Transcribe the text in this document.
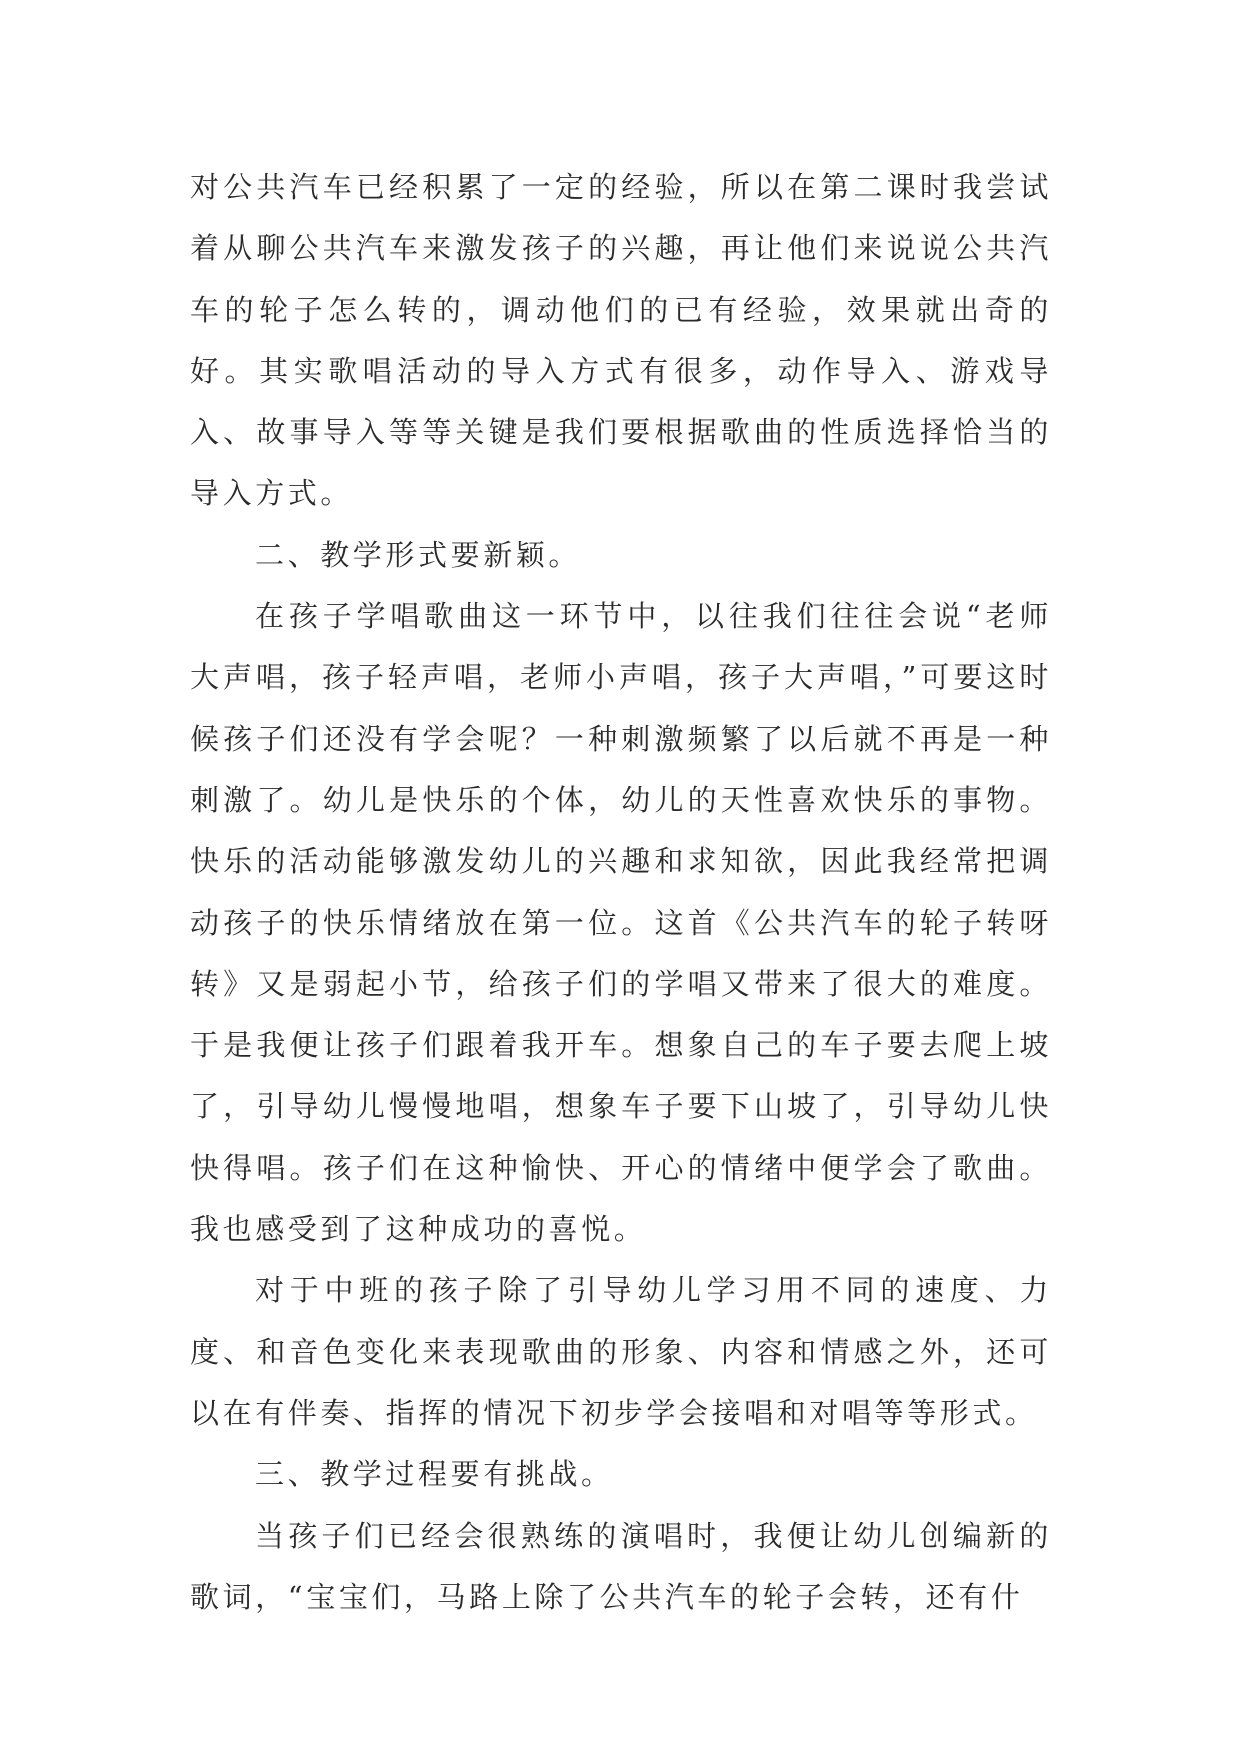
对公共汽车已经积累了一定的经验，所以在第二课时我尝试着从聊公共汽车来激发孩子的兴趣，再让他们来说说公共汽车的轮子怎么转的，调动他们的已有经验，效果就出奇的好。其实歌唱活动的导入方式有很多，动作导入、游戏导入、故事导入等等关键是我们要根据歌曲的性质选择恰当的导入方式。

二、教学形式要新颖。

在孩子学唱歌曲这一环节中，以往我们往往会说“老师大声唱，孩子轻声唱，老师小声唱，孩子大声唱，”可要这时候孩子们还没有学会呢？一种刺激频繁了以后就不再是一种刺激了。幼儿是快乐的个体，幼儿的天性喜欢快乐的事物。快乐的活动能够激发幼儿的兴趣和求知欲，因此我经常把调动孩子的快乐情绪放在第一位。这首《公共汽车的轮子转呀转》又是弱起小节，给孩子们的学唱又带来了很大的难度。于是我便让孩子们跟着我开车。想象自己的车子要去爬上坡了，引导幼儿慢慢地唱，想象车子要下山坡了，引导幼儿快快得唱。孩子们在这种愉快、开心的情绪中便学会了歌曲。我也感受到了这种成功的喜悦。

对于中班的孩子除了引导幼儿学习用不同的速度、力度、和音色变化来表现歌曲的形象、内容和情感之外，还可以在有伴奏、指挥的情况下初步学会接唱和对唱等等形式。

三、教学过程要有挑战。

当孩子们已经会很熟练的演唱时，我便让幼儿创编新的歌词，“宝宝们，马路上除了公共汽车的轮子会转，还有什
